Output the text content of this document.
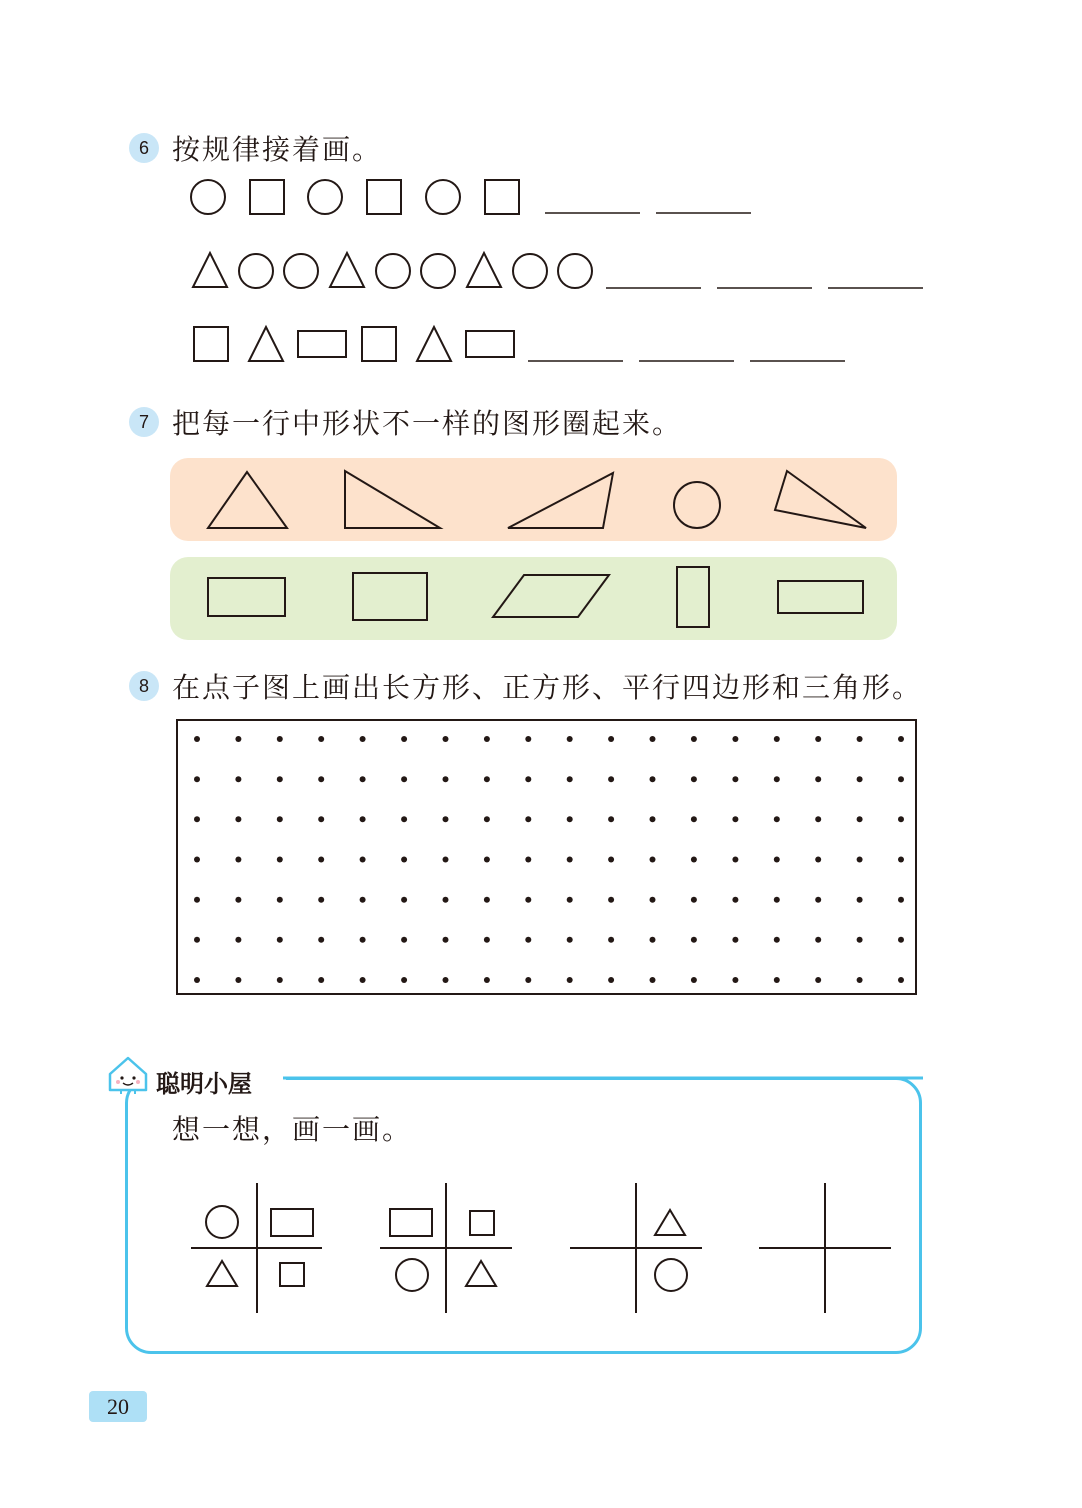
6 按规律接着画。
7 把每一行中形状不一样的图形圈起来。
8 在点子图上画出长方形、正方形、平行四边形和三角形。
聪明小屋
想一想，画一画。
20
